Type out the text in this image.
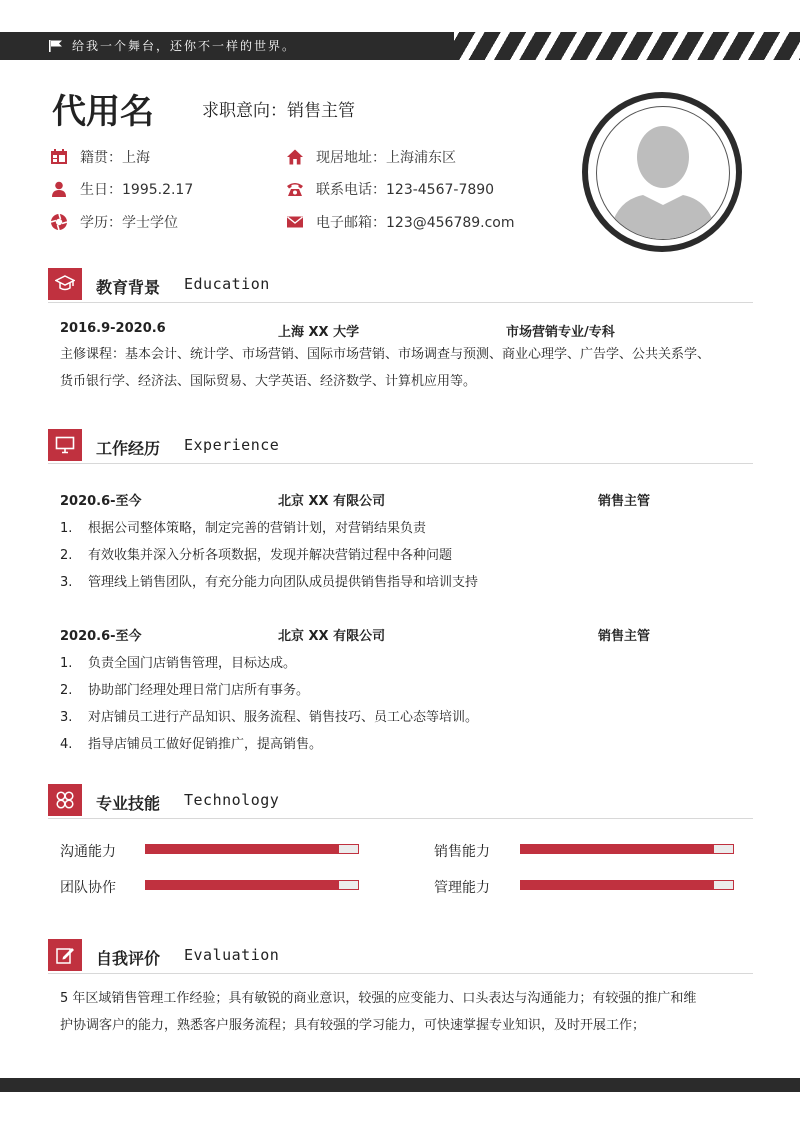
给我一个舞台，还你不一样的世界。
代用名	求职意向：销售主管
籍贯：上海
生日：1995.2.17
学历：学士学位
现居地址：上海浦东区
联系电话：123-4567-7890
电子邮箱：123@456789.com
教育背景 Education
2016.9-2020.6	上海 XX 大学	市场营销专业/专科
主修课程：基本会计、统计学、市场营销、国际市场营销、市场调查与预测、商业心理学、广告学、公共关系学、
货币银行学、经济法、国际贸易、大学英语、经济数学、计算机应用等。
工作经历 Experience
2020.6-至今	北京 XX 有限公司	销售主管
1. 根据公司整体策略，制定完善的营销计划，对营销结果负责
2. 有效收集并深入分析各项数据，发现并解决营销过程中各种问题
3. 管理线上销售团队，有充分能力向团队成员提供销售指导和培训支持
2020.6-至今	北京 XX 有限公司	销售主管
1. 负责全国门店销售管理，目标达成。
2. 协助部门经理处理日常门店所有事务。
3. 对店铺员工进行产品知识、服务流程、销售技巧、员工心态等培训。
4. 指导店铺员工做好促销推广，提高销售。
专业技能 Technology
沟通能力	销售能力
团队协作	管理能力
自我评价 Evaluation
5 年区域销售管理工作经验；具有敏锐的商业意识，较强的应变能力、口头表达与沟通能力；有较强的推广和维
护协调客户的能力，熟悉客户服务流程；具有较强的学习能力，可快速掌握专业知识，及时开展工作；
